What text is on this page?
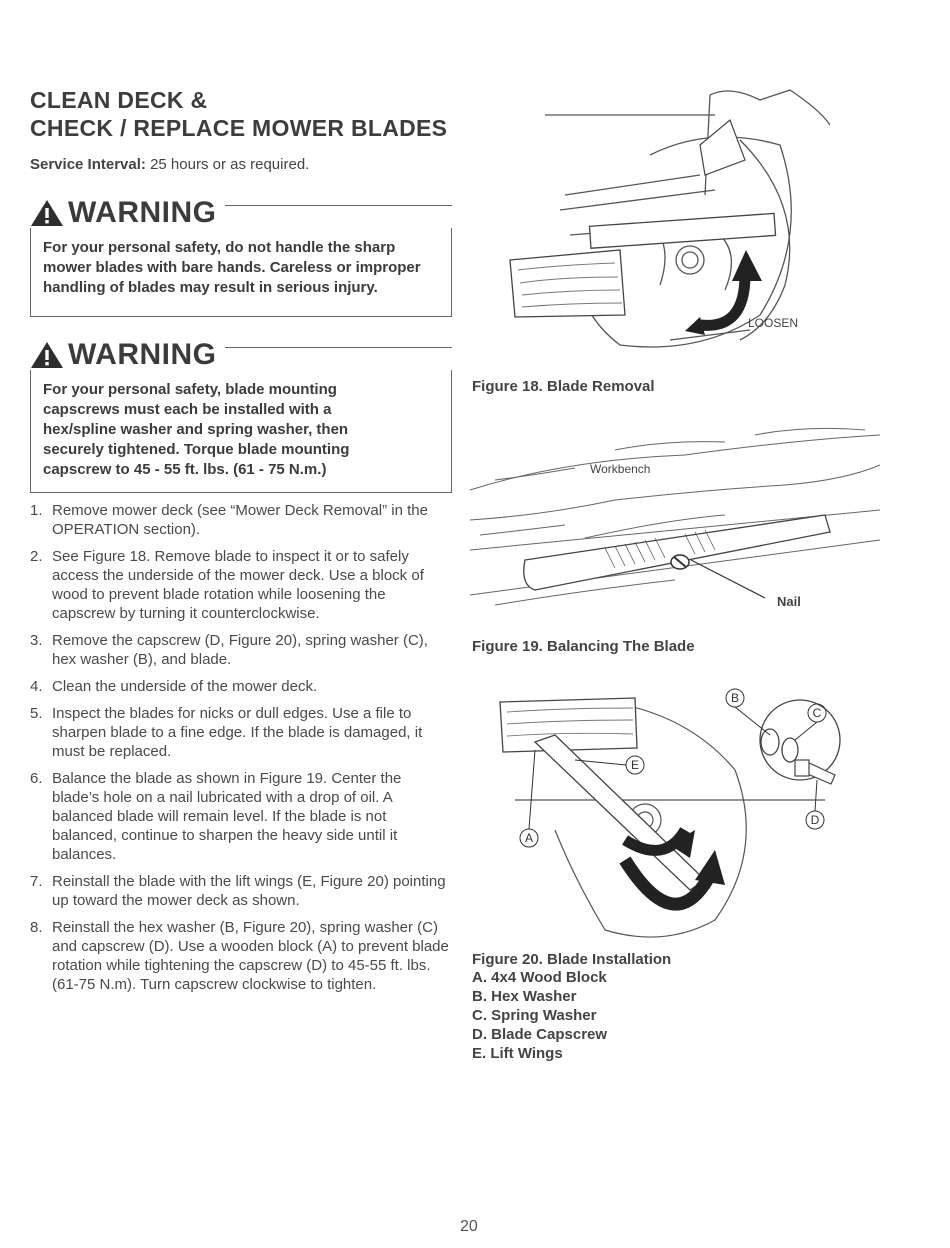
CLEAN DECK &
CHECK / REPLACE MOWER BLADES
Service Interval: 25 hours or as required.
WARNING
For your personal safety, do not handle the sharp mower blades with bare hands. Careless or improper handling of blades may result in serious injury.
WARNING
For your personal safety, blade mounting capscrews must each be installed with a hex/spline washer and spring washer, then securely tightened. Torque blade mounting capscrew to 45 - 55 ft. lbs. (61 - 75 N.m.)
1. Remove mower deck (see “Mower Deck Removal” in the OPERATION section).
2. See Figure 18. Remove blade to inspect it or to safely access the underside of the mower deck. Use a block of wood to prevent blade rotation while loosening the capscrew by turning it counterclockwise.
3. Remove the capscrew (D, Figure 20), spring washer (C), hex washer (B), and blade.
4. Clean the underside of the mower deck.
5. Inspect the blades for nicks or dull edges. Use a file to sharpen blade to a fine edge. If the blade is damaged, it must be replaced.
6. Balance the blade as shown in Figure 19. Center the blade’s hole on a nail lubricated with a drop of oil. A balanced blade will remain level. If the blade is not balanced, continue to sharpen the heavy side until it balances.
7. Reinstall the blade with the lift wings (E, Figure 20) pointing up toward the mower deck as shown.
8. Reinstall the hex washer (B, Figure 20), spring washer (C) and capscrew (D). Use a wooden block (A) to prevent blade rotation while tightening the capscrew (D) to 45-55 ft. lbs. (61-75 N.m). Turn capscrew clockwise to tighten.
LOOSEN
Figure 18. Blade Removal
Workbench
Nail
Figure 19. Balancing The Blade
B
C
D
E
A
Figure 20. Blade Installation
A. 4x4 Wood Block
B. Hex Washer
C. Spring Washer
D. Blade Capscrew
E. Lift Wings
20
